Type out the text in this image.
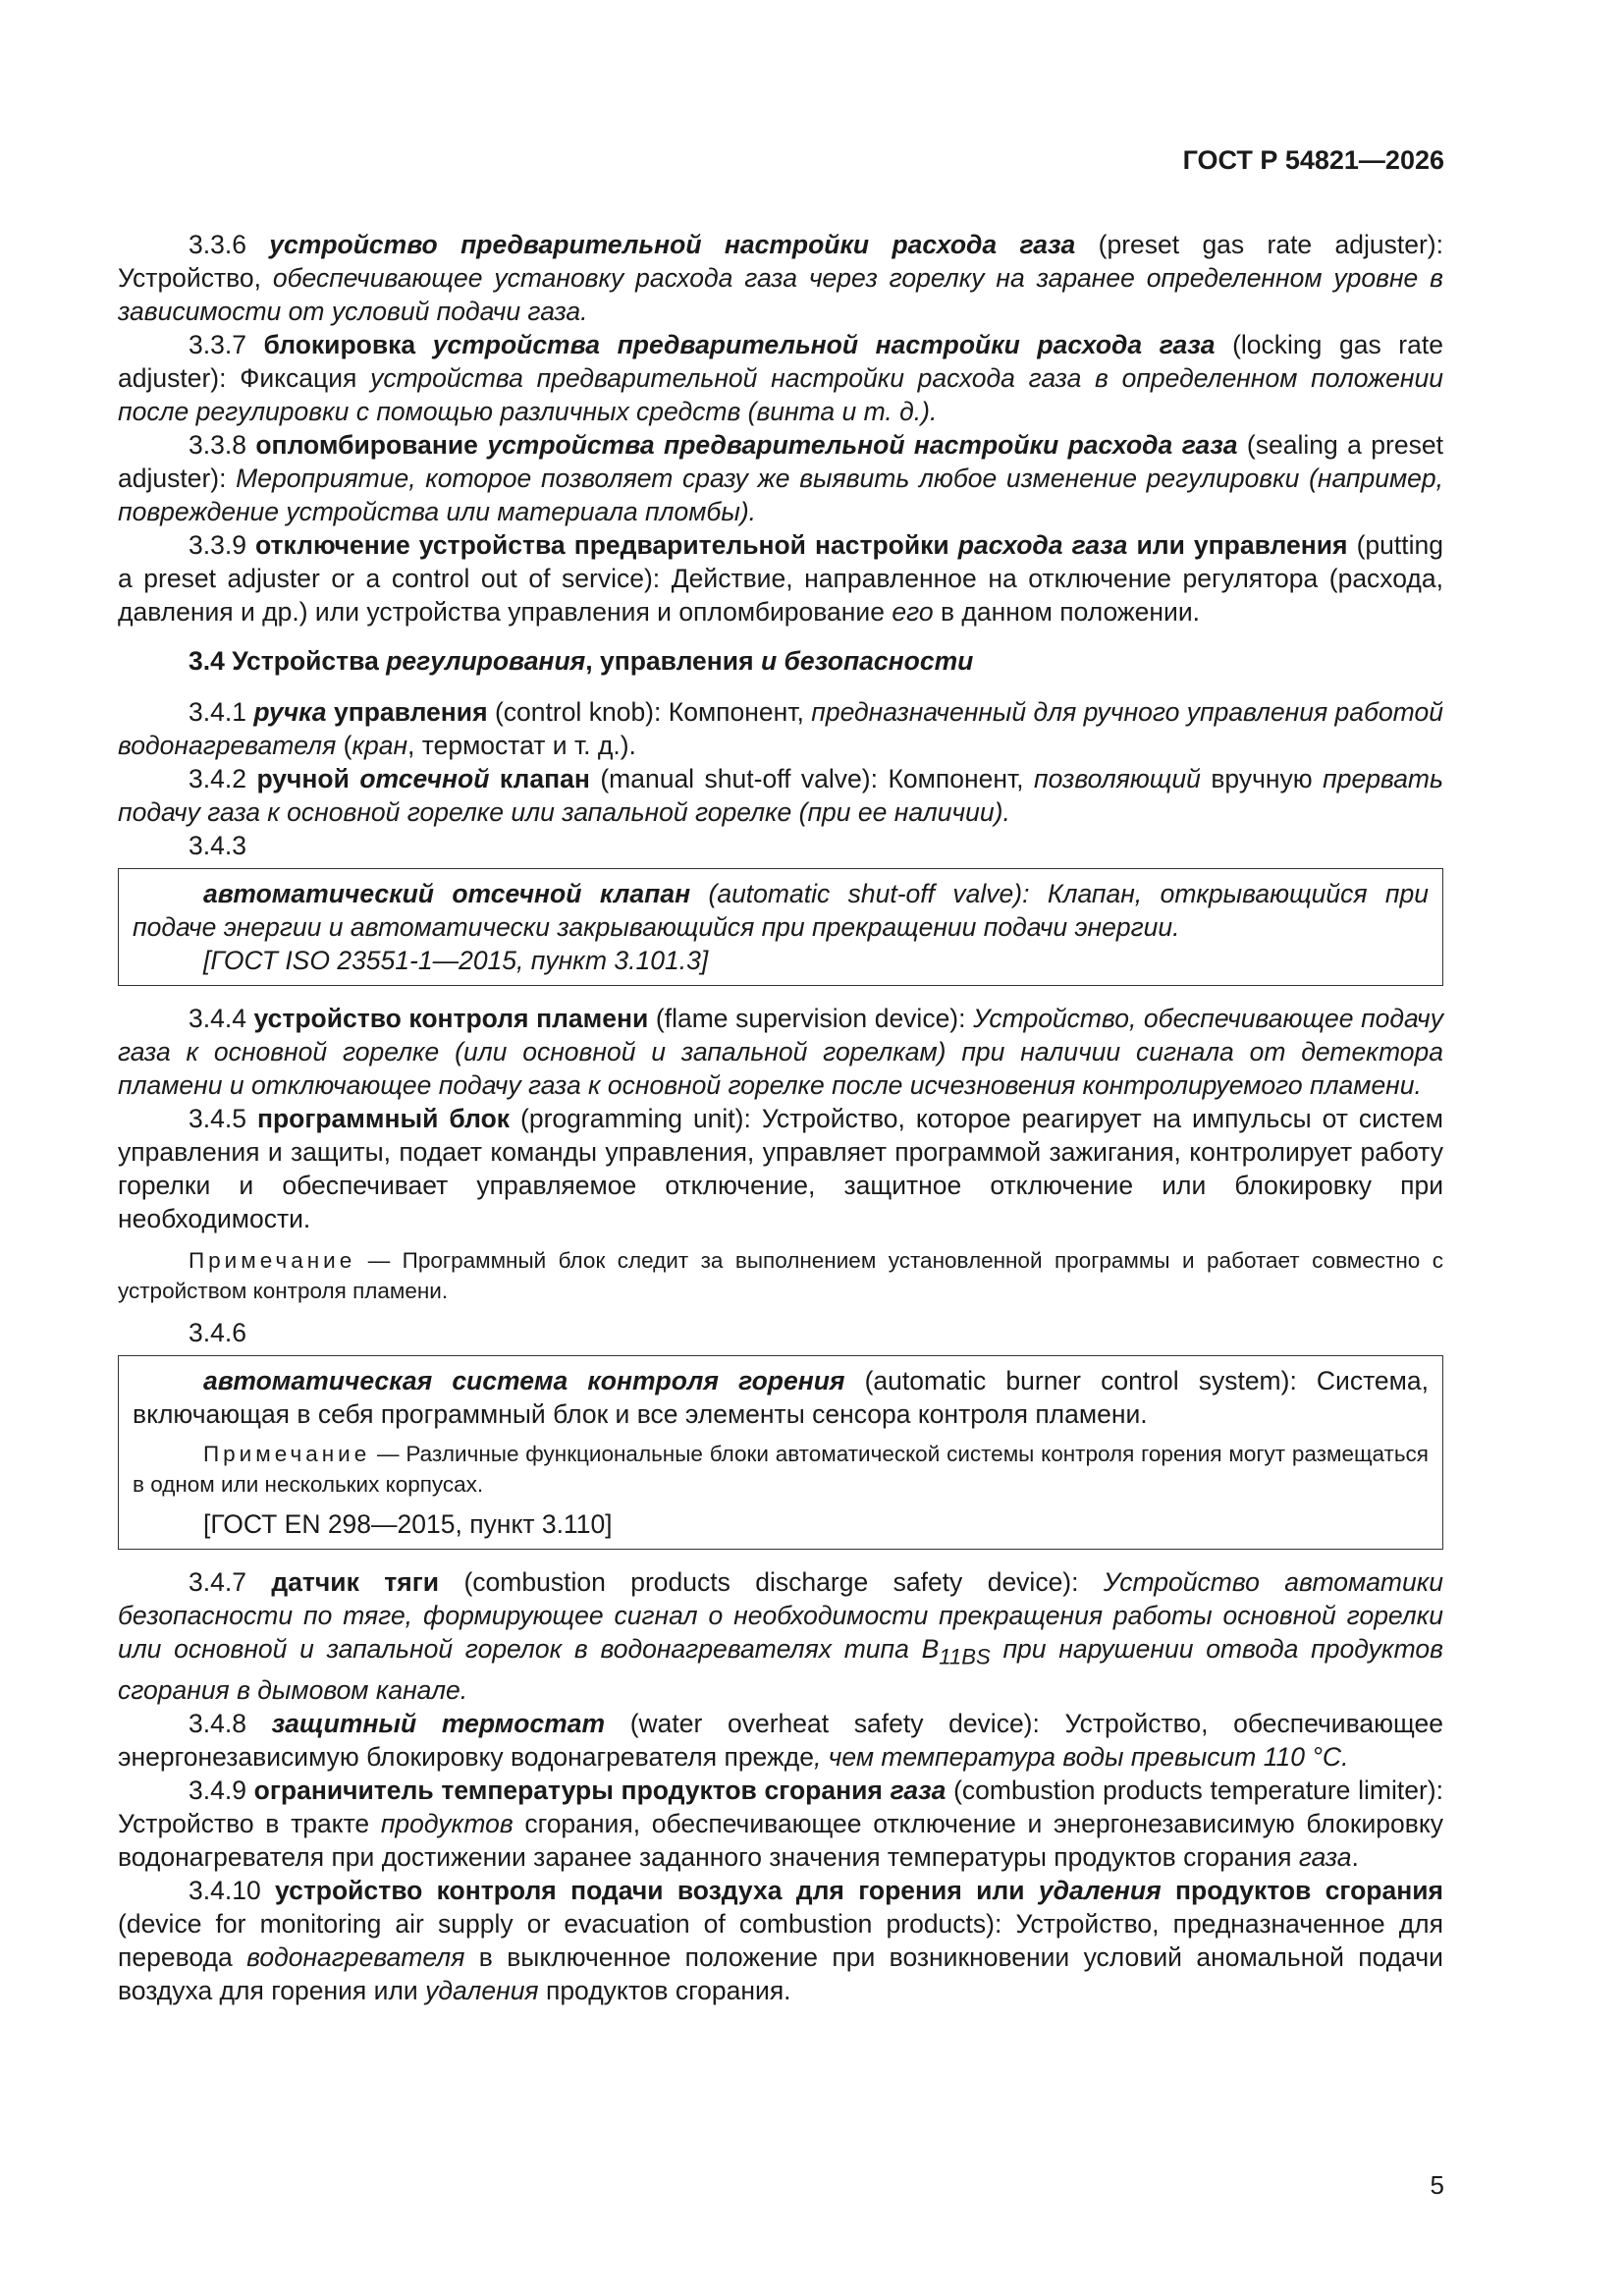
ГОСТ Р 54821—2026

3.3.6 устройство предварительной настройки расхода газа (preset gas rate adjuster): Устройство, обеспечивающее установку расхода газа через горелку на заранее определенном уровне в зависимости от условий подачи газа.

3.3.7 блокировка устройства предварительной настройки расхода газа (locking gas rate adjuster): Фиксация устройства предварительной настройки расхода газа в определенном положении после регулировки с помощью различных средств (винта и т. д.).

3.3.8 опломбирование устройства предварительной настройки расхода газа (sealing a preset adjuster): Мероприятие, которое позволяет сразу же выявить любое изменение регулировки (например, повреждение устройства или материала пломбы).

3.3.9 отключение устройства предварительной настройки расхода газа или управления (putting a preset adjuster or a control out of service): Действие, направленное на отключение регулятора (расхода, давления и др.) или устройства управления и опломбирование его в данном положении.

3.4 Устройства регулирования, управления и безопасности

3.4.1 ручка управления (control knob): Компонент, предназначенный для ручного управления работой водонагревателя (кран, термостат и т. д.).

3.4.2 ручной отсечной клапан (manual shut-off valve): Компонент, позволяющий вручную прервать подачу газа к основной горелке или запальной горелке (при ее наличии).

3.4.3

автоматический отсечной клапан (automatic shut-off valve): Клапан, открывающийся при подаче энергии и автоматически закрывающийся при прекращении подачи энергии.

[ГОСТ ISO 23551-1—2015, пункт 3.101.3]

3.4.4 устройство контроля пламени (flame supervision device): Устройство, обеспечивающее подачу газа к основной горелке (или основной и запальной горелкам) при наличии сигнала от детектора пламени и отключающее подачу газа к основной горелке после исчезновения контролируемого пламени.

3.4.5 программный блок (programming unit): Устройство, которое реагирует на импульсы от систем управления и защиты, подает команды управления, управляет программой зажигания, контролирует работу горелки и обеспечивает управляемое отключение, защитное отключение или блокировку при необходимости.

Примечание — Программный блок следит за выполнением установленной программы и работает совместно с устройством контроля пламени.

3.4.6

автоматическая система контроля горения (automatic burner control system): Система, включающая в себя программный блок и все элементы сенсора контроля пламени.

Примечание — Различные функциональные блоки автоматической системы контроля горения могут размещаться в одном или нескольких корпусах.

[ГОСТ EN 298—2015, пункт 3.110]

3.4.7 датчик тяги (combustion products discharge safety device): Устройство автоматики безопасности по тяге, формирующее сигнал о необходимости прекращения работы основной горелки или основной и запальной горелок в водонагревателях типа $B_{11BS}$ при нарушении отвода продуктов сгорания в дымовом канале.

3.4.8 защитный термостат (water overheat safety device): Устройство, обеспечивающее энергонезависимую блокировку водонагревателя прежде, чем температура воды превысит 110 °С.

3.4.9 ограничитель температуры продуктов сгорания газа (combustion products temperature limiter): Устройство в тракте продуктов сгорания, обеспечивающее отключение и энергонезависимую блокировку водонагревателя при достижении заранее заданного значения температуры продуктов сгорания газа.

3.4.10 устройство контроля подачи воздуха для горения или удаления продуктов сгорания (device for monitoring air supply or evacuation of combustion products): Устройство, предназначенное для перевода водонагревателя в выключенное положение при возникновении условий аномальной подачи воздуха для горения или удаления продуктов сгорания.

5
